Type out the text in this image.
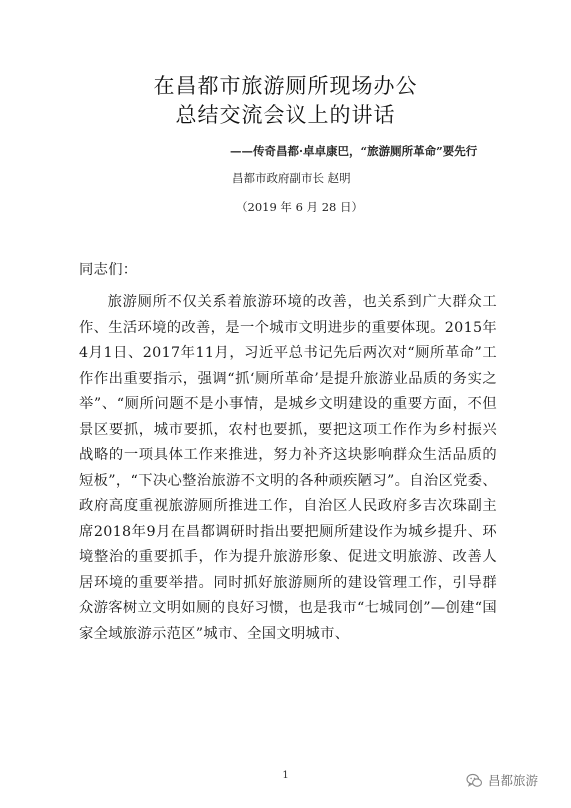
在昌都市旅游厕所现场办公
总结交流会议上的讲话

——传奇昌都·卓卓康巴，“旅游厕所革命”要先行

昌都市政府副市长 赵明

（2019 年 6 月 28 日）

同志们：

旅游厕所不仅关系着旅游环境的改善，也关系到广大群众工作、生活环境的改善，是一个城市文明进步的重要体现。2015年4月1日、2017年11月，习近平总书记先后两次对“厕所革命”工作作出重要指示，强调“抓‘厕所革命’是提升旅游业品质的务实之举”、“厕所问题不是小事情，是城乡文明建设的重要方面，不但景区要抓，城市要抓，农村也要抓，要把这项工作作为乡村振兴战略的一项具体工作来推进，努力补齐这块影响群众生活品质的短板”，“下决心整治旅游不文明的各种顽疾陋习”。自治区党委、政府高度重视旅游厕所推进工作，自治区人民政府多吉次珠副主席2018年9月在昌都调研时指出要把厕所建设作为城乡提升、环境整治的重要抓手，作为提升旅游形象、促进文明旅游、改善人居环境的重要举措。同时抓好旅游厕所的建设管理工作，引导群众游客树立文明如厕的良好习惯，也是我市“七城同创”—创建“国家全域旅游示范区”城市、全国文明城市、

1	昌都旅游
